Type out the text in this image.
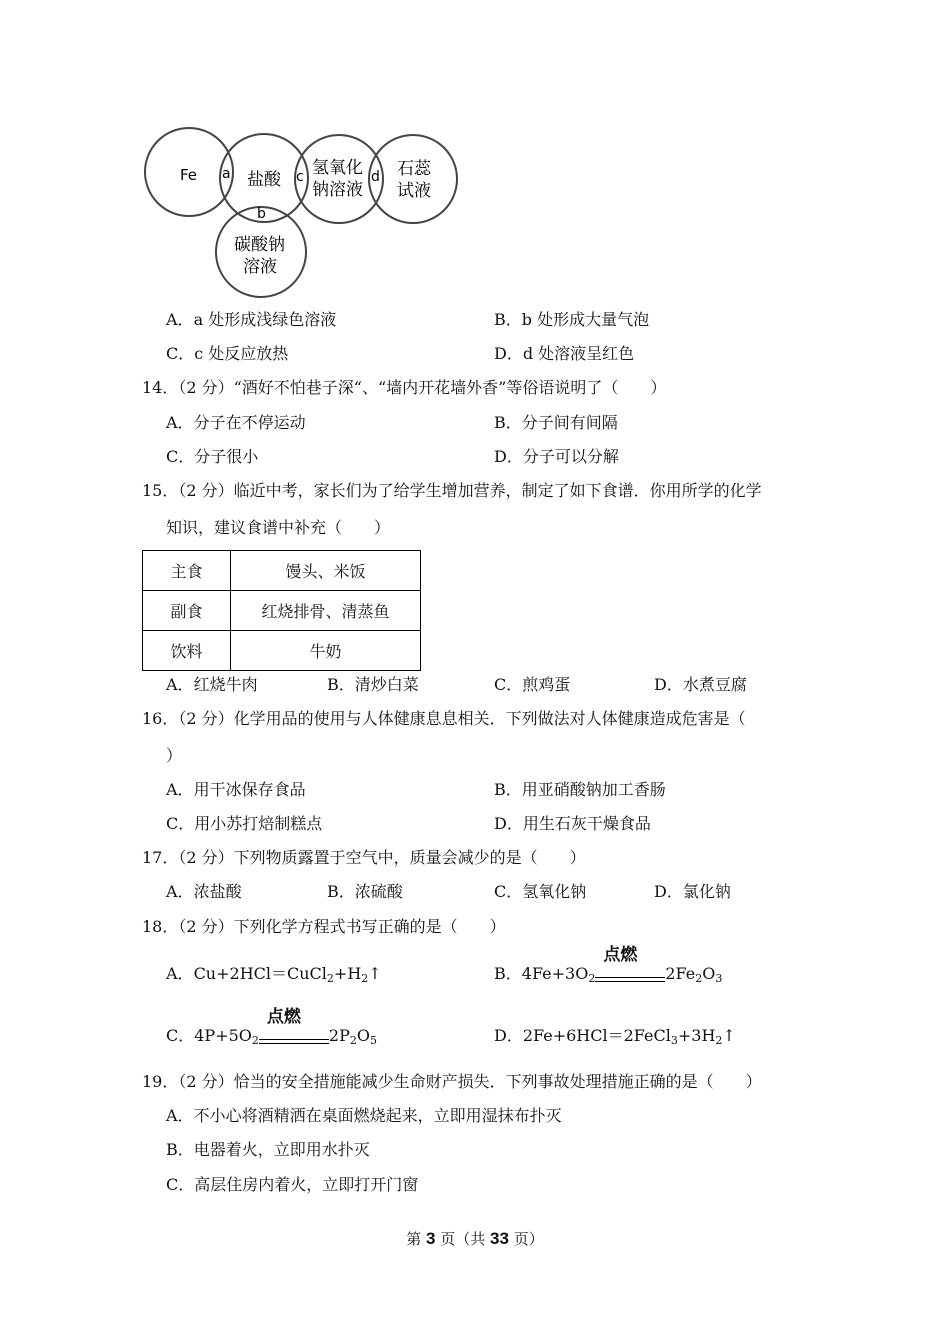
Fe a 盐酸 c 氢氧化
钠溶液
d 石蕊
试液
b
碳酸钠
溶液
A．a 处形成浅绿色溶液	B．b 处形成大量气泡
C．c 处反应放热	D．d 处溶液呈红色
14．（2 分）“酒好不怕巷子深“、“墙内开花墙外香”等俗语说明了（　　）
A．分子在不停运动	B．分子间有间隔
C．分子很小	D．分子可以分解
15．（2 分）临近中考，家长们为了给学生增加营养，制定了如下食谱．你用所学的化学
知识，建议食谱中补充（　　）
主食	馒头、米饭
副食	红烧排骨、清蒸鱼
饮料	牛奶
A．红烧牛肉	B．清炒白菜	C．煎鸡蛋	D．水煮豆腐
16．（2 分）化学用品的使用与人体健康息息相关．下列做法对人体健康造成危害是（
）
A．用干冰保存食品	B．用亚硝酸钠加工香肠
C．用小苏打焙制糕点	D．用生石灰干燥食品
17．（2 分）下列物质露置于空气中，质量会减少的是（　　）
A．浓盐酸	B．浓硫酸	C．氢氧化钠	D．氯化钠
18．（2 分）下列化学方程式书写正确的是（　　）
A．$Cu+2HCl=CuCl_2+H_2↑$	B．$4Fe+3O_2$
点燃
$2Fe_2O_3$
C．$4P+5O_2$
点燃
$2P_2O_5$	D．$2Fe+6HCl=2FeCl_3+3H_2↑$
19．（2 分）恰当的安全措施能减少生命财产损失．下列事故处理措施正确的是（　　）
A．不小心将酒精洒在桌面燃烧起来，立即用湿抹布扑灭
B．电器着火，立即用水扑灭
C．高层住房内着火，立即打开门窗
第 3 页（共 33 页）
